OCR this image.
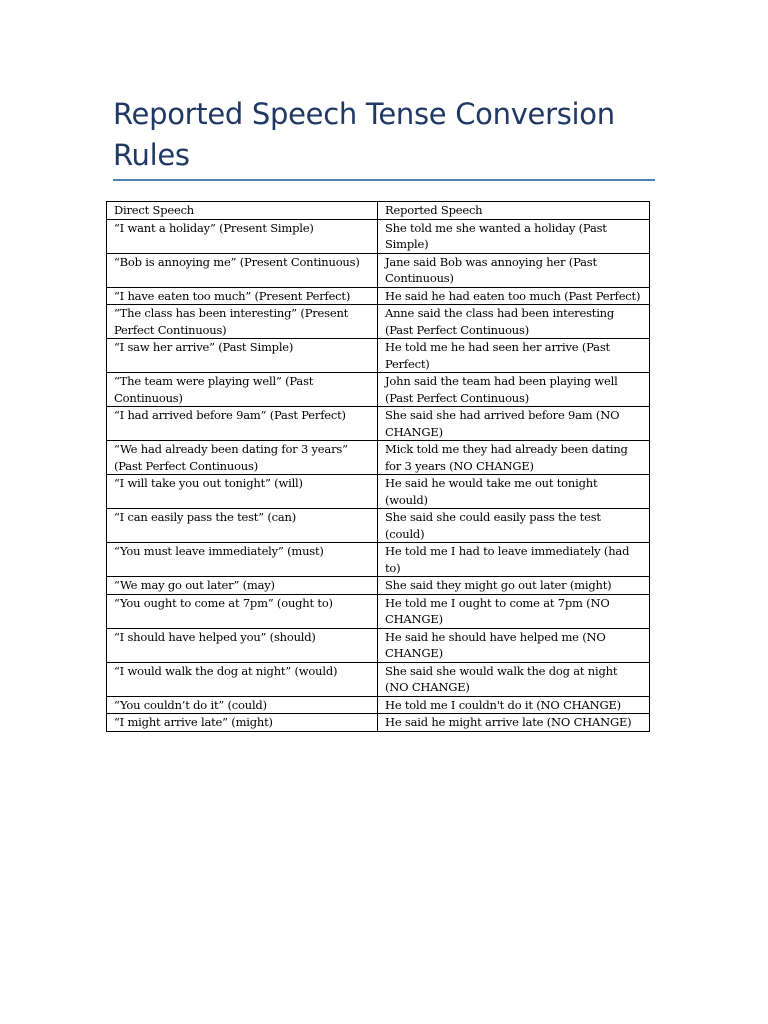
Reported Speech Tense Conversion Rules
Direct Speech	Reported Speech
“I want a holiday” (Present Simple)	She told me she wanted a holiday (Past Simple)
“Bob is annoying me” (Present Continuous)	Jane said Bob was annoying her (Past Continuous)
“I have eaten too much” (Present Perfect)	He said he had eaten too much (Past Perfect)
“The class has been interesting” (Present Perfect Continuous)	Anne said the class had been interesting (Past Perfect Continuous)
“I saw her arrive” (Past Simple)	He told me he had seen her arrive (Past Perfect)
“The team were playing well” (Past Continuous)	John said the team had been playing well (Past Perfect Continuous)
“I had arrived before 9am” (Past Perfect)	She said she had arrived before 9am (NO CHANGE)
“We had already been dating for 3 years” (Past Perfect Continuous)	Mick told me they had already been dating for 3 years (NO CHANGE)
“I will take you out tonight” (will)	He said he would take me out tonight (would)
“I can easily pass the test” (can)	She said she could easily pass the test (could)
“You must leave immediately” (must)	He told me I had to leave immediately (had to)
“We may go out later” (may)	She said they might go out later (might)
“You ought to come at 7pm” (ought to)	He told me I ought to come at 7pm (NO CHANGE)
“I should have helped you” (should)	He said he should have helped me (NO CHANGE)
“I would walk the dog at night” (would)	She said she would walk the dog at night (NO CHANGE)
“You couldn’t do it” (could)	He told me I couldn't do it (NO CHANGE)
“I might arrive late” (might)	He said he might arrive late (NO CHANGE)
